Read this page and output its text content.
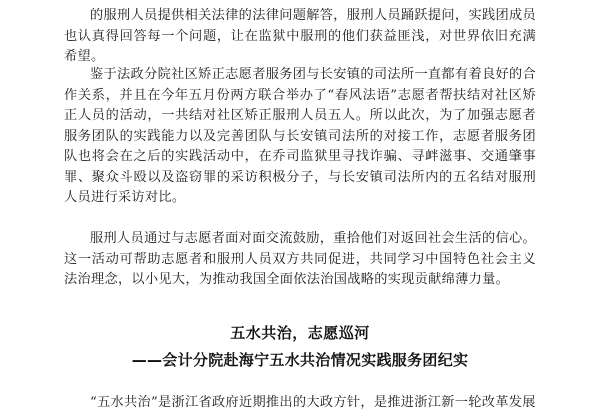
的服刑人员提供相关法律的法律问题解答，服刑人员踊跃提问，实践团成员也认真得回答每一个问题，让在监狱中服刑的他们获益匪浅，对世界依旧充满希望。

鉴于法政分院社区矫正志愿者服务团与长安镇的司法所一直都有着良好的合作关系，并且在今年五月份两方联合举办了“春风法语”志愿者帮扶结对社区矫正人员的活动，一共结对社区矫正服刑人员五人。所以此次，为了加强志愿者服务团队的实践能力以及完善团队与长安镇司法所的对接工作，志愿者服务团队也将会在之后的实践活动中，在乔司监狱里寻找诈骗、寻衅滋事、交通肇事罪、聚众斗殴以及盗窃罪的采访积极分子，与长安镇司法所内的五名结对服刑人员进行采访对比。

服刑人员通过与志愿者面对面交流鼓励，重拾他们对返回社会生活的信心。这一活动可帮助志愿者和服刑人员双方共同促进，共同学习中国特色社会主义法治理念，以小见大，为推动我国全面依法治国战略的实现贡献绵薄力量。

五水共治，志愿巡河
——会计分院赴海宁五水共治情况实践服务团纪实

“五水共治”是浙江省政府近期推出的大政方针，是推进浙江新一轮改革发展
